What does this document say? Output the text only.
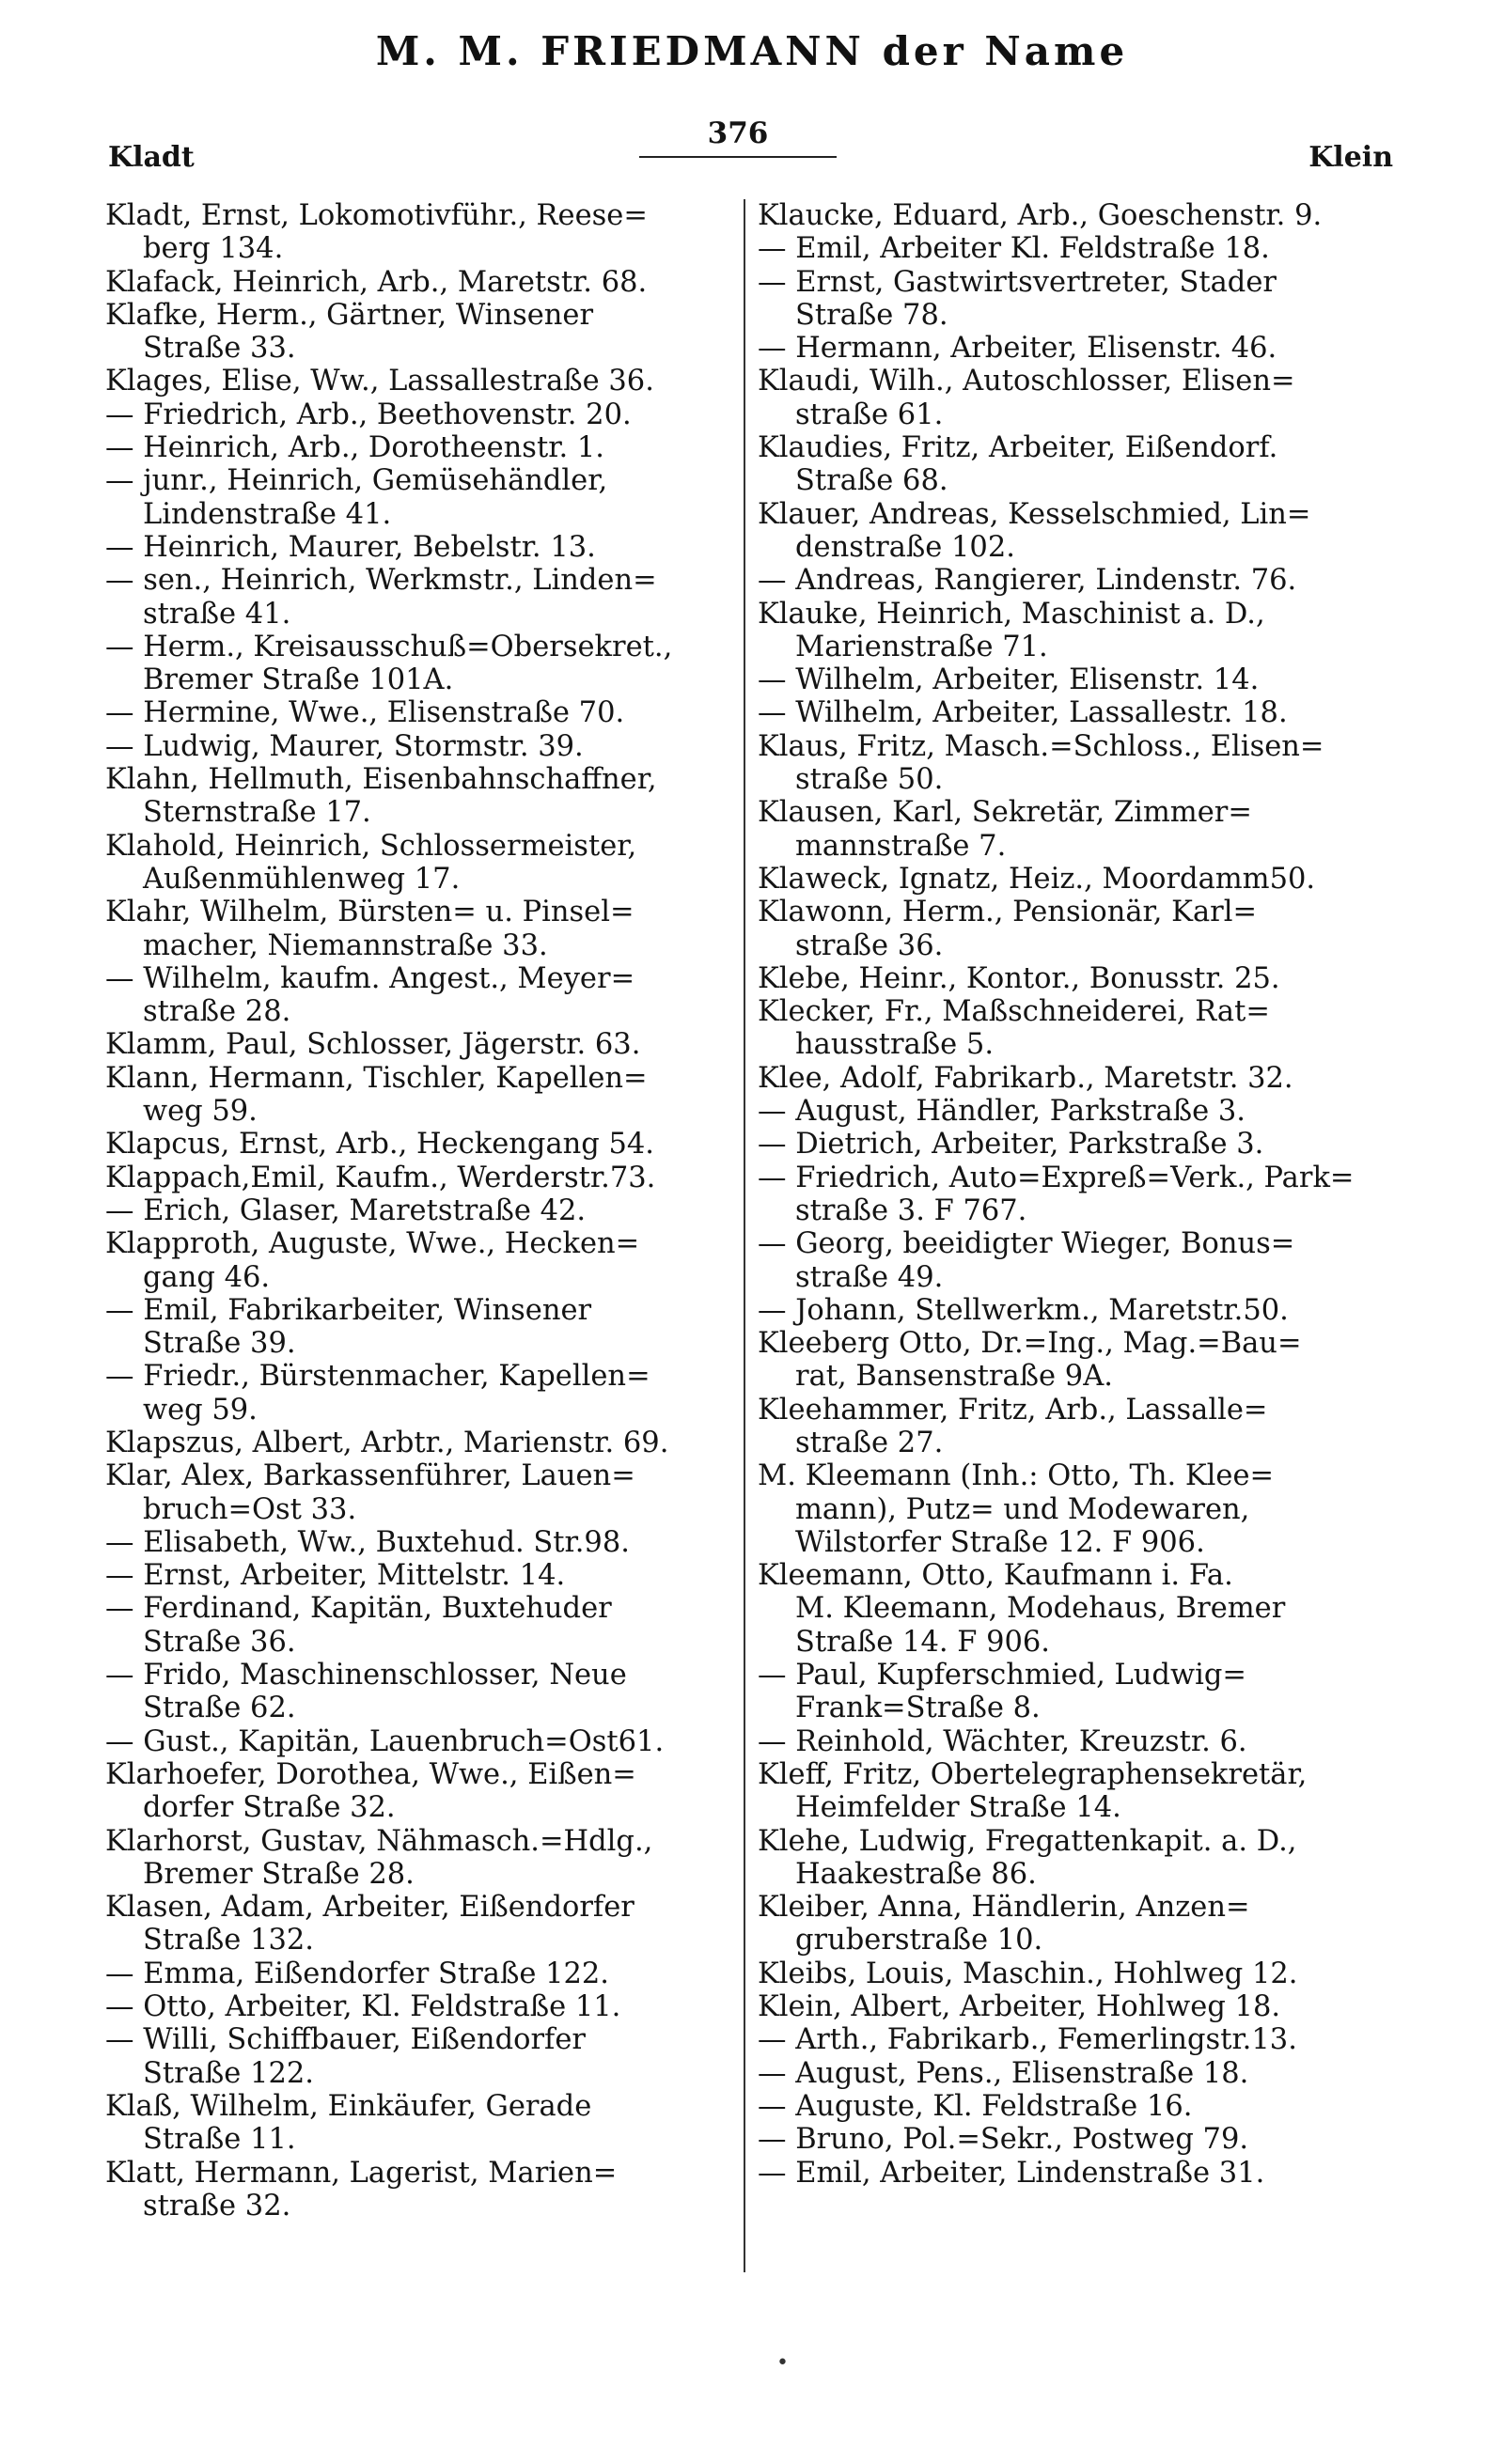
M. M. FRIEDMANN der Name
Kladt
376
Klein
Kladt, Ernst, Lokomotivführ., Reese=
berg 134.
Klafack, Heinrich, Arb., Maretstr. 68.
Klafke, Herm., Gärtner, Winsener
Straße 33.
Klages, Elise, Ww., Lassallestraße 36.
— Friedrich, Arb., Beethovenstr. 20.
— Heinrich, Arb., Dorotheenstr. 1.
— junr., Heinrich, Gemüsehändler,
Lindenstraße 41.
— Heinrich, Maurer, Bebelstr. 13.
— sen., Heinrich, Werkmstr., Linden=
straße 41.
— Herm., Kreisausschuß=Obersekret.,
Bremer Straße 101A.
— Hermine, Wwe., Elisenstraße 70.
— Ludwig, Maurer, Stormstr. 39.
Klahn, Hellmuth, Eisenbahnschaffner,
Sternstraße 17.
Klahold, Heinrich, Schlossermeister,
Außenmühlenweg 17.
Klahr, Wilhelm, Bürsten= u. Pinsel=
macher, Niemannstraße 33.
— Wilhelm, kaufm. Angest., Meyer=
straße 28.
Klamm, Paul, Schlosser, Jägerstr. 63.
Klann, Hermann, Tischler, Kapellen=
weg 59.
Klapcus, Ernst, Arb., Heckengang 54.
Klappach,Emil, Kaufm., Werderstr.73.
— Erich, Glaser, Maretstraße 42.
Klapproth, Auguste, Wwe., Hecken=
gang 46.
— Emil, Fabrikarbeiter, Winsener
Straße 39.
— Friedr., Bürstenmacher, Kapellen=
weg 59.
Klapszus, Albert, Arbtr., Marienstr. 69.
Klar, Alex, Barkassenführer, Lauen=
bruch=Ost 33.
— Elisabeth, Ww., Buxtehud. Str.98.
— Ernst, Arbeiter, Mittelstr. 14.
— Ferdinand, Kapitän, Buxtehuder
Straße 36.
— Frido, Maschinenschlosser, Neue
Straße 62.
— Gust., Kapitän, Lauenbruch=Ost61.
Klarhoefer, Dorothea, Wwe., Eißen=
dorfer Straße 32.
Klarhorst, Gustav, Nähmasch.=Hdlg.,
Bremer Straße 28.
Klasen, Adam, Arbeiter, Eißendorfer
Straße 132.
— Emma, Eißendorfer Straße 122.
— Otto, Arbeiter, Kl. Feldstraße 11.
— Willi, Schiffbauer, Eißendorfer
Straße 122.
Klaß, Wilhelm, Einkäufer, Gerade
Straße 11.
Klatt, Hermann, Lagerist, Marien=
straße 32.
Klaucke, Eduard, Arb., Goeschenstr. 9.
— Emil, Arbeiter Kl. Feldstraße 18.
— Ernst, Gastwirtsvertreter, Stader
Straße 78.
— Hermann, Arbeiter, Elisenstr. 46.
Klaudi, Wilh., Autoschlosser, Elisen=
straße 61.
Klaudies, Fritz, Arbeiter, Eißendorf.
Straße 68.
Klauer, Andreas, Kesselschmied, Lin=
denstraße 102.
— Andreas, Rangierer, Lindenstr. 76.
Klauke, Heinrich, Maschinist a. D.,
Marienstraße 71.
— Wilhelm, Arbeiter, Elisenstr. 14.
— Wilhelm, Arbeiter, Lassallestr. 18.
Klaus, Fritz, Masch.=Schloss., Elisen=
straße 50.
Klausen, Karl, Sekretär, Zimmer=
mannstraße 7.
Klaweck, Ignatz, Heiz., Moordamm50.
Klawonn, Herm., Pensionär, Karl=
straße 36.
Klebe, Heinr., Kontor., Bonusstr. 25.
Klecker, Fr., Maßschneiderei, Rat=
hausstraße 5.
Klee, Adolf, Fabrikarb., Maretstr. 32.
— August, Händler, Parkstraße 3.
— Dietrich, Arbeiter, Parkstraße 3.
— Friedrich, Auto=Expreß=Verk., Park=
straße 3. F 767.
— Georg, beeidigter Wieger, Bonus=
straße 49.
— Johann, Stellwerkm., Maretstr.50.
Kleeberg Otto, Dr.=Ing., Mag.=Bau=
rat, Bansenstraße 9A.
Kleehammer, Fritz, Arb., Lassalle=
straße 27.
M. Kleemann (Inh.: Otto, Th. Klee=
mann), Putz= und Modewaren,
Wilstorfer Straße 12. F 906.
Kleemann, Otto, Kaufmann i. Fa.
M. Kleemann, Modehaus, Bremer
Straße 14. F 906.
— Paul, Kupferschmied, Ludwig=
Frank=Straße 8.
— Reinhold, Wächter, Kreuzstr. 6.
Kleff, Fritz, Obertelegraphensekretär,
Heimfelder Straße 14.
Klehe, Ludwig, Fregattenkapit. a. D.,
Haakestraße 86.
Kleiber, Anna, Händlerin, Anzen=
gruberstraße 10.
Kleibs, Louis, Maschin., Hohlweg 12.
Klein, Albert, Arbeiter, Hohlweg 18.
— Arth., Fabrikarb., Femerlingstr.13.
— August, Pens., Elisenstraße 18.
— Auguste, Kl. Feldstraße 16.
— Bruno, Pol.=Sekr., Postweg 79.
— Emil, Arbeiter, Lindenstraße 31.
•
